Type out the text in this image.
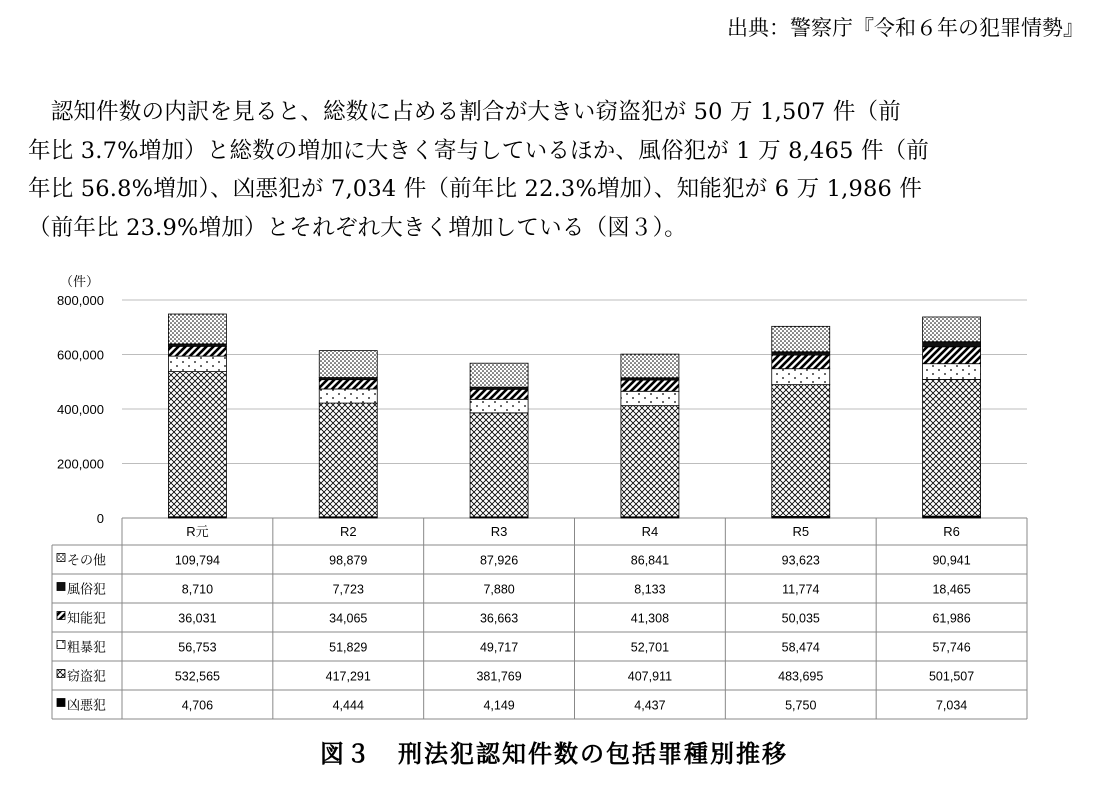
出典：警察庁『令和６年の犯罪情勢』
　認知件数の内訳を見ると、総数に占める割合が大きい窃盗犯が 50 万 1,507 件（前
年比 3.7%増加）と総数の増加に大きく寄与しているほか、風俗犯が 1 万 8,465 件（前
年比 56.8%増加）、凶悪犯が 7,034 件（前年比 22.3%増加）、知能犯が 6 万 1,986 件
（前年比 23.9%増加）とそれぞれ大きく増加している（図３）。
（件）
0
200,000
400,000
600,000
800,000
R元	R2	R3	R4	R5	R6
その他	109,794	98,879	87,926	86,841	93,623	90,941
風俗犯	8,710	7,723	7,880	8,133	11,774	18,465
知能犯	36,031	34,065	36,663	41,308	50,035	61,986
粗暴犯	56,753	51,829	49,717	52,701	58,474	57,746
窃盗犯	532,565	417,291	381,769	407,911	483,695	501,507
凶悪犯	4,706	4,444	4,149	4,437	5,750	7,034
図３　刑法犯認知件数の包括罪種別推移
